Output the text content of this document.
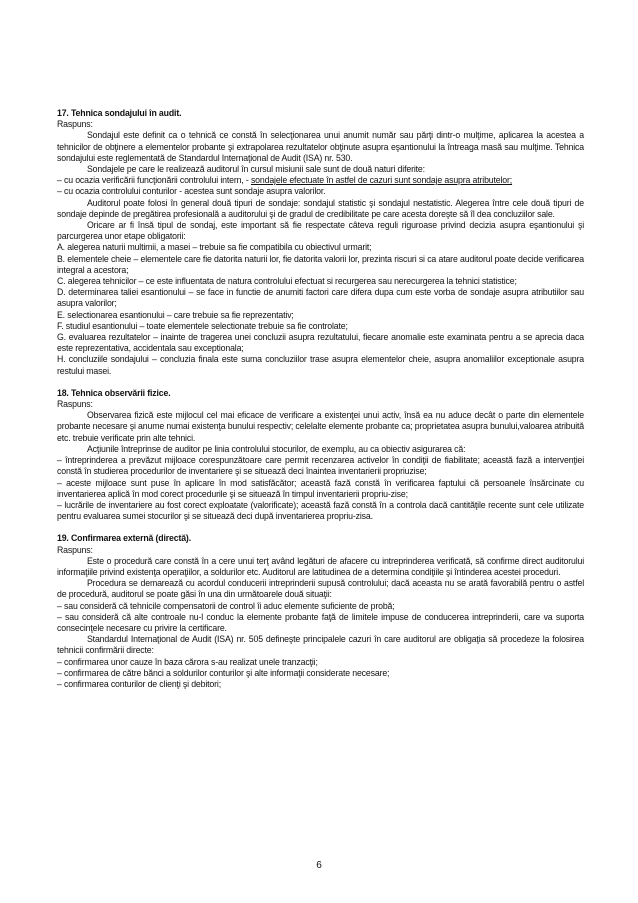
17. Tehnica sondajului în audit.
Raspuns:
Sondajul este definit ca o tehnică ce constă în selecţionarea unui anumit număr sau părţi dintr-o mulţime, aplicarea la acestea a tehnicilor de obţinere a elementelor probante şi extrapolarea rezultatelor obţinute asupra eşantionului la întreaga masă sau mulţime. Tehnica sondajului este reglementată de Standardul Internaţional de Audit (ISA) nr. 530.
Sondajele pe care le realizează auditorul în cursul misiunii sale sunt de două naturi diferite:
– cu ocazia verificării funcţionării controlului intern, - sondajele efectuate în astfel de cazuri sunt sondaje asupra atributelor;
– cu ocazia controlului conturilor - acestea sunt sondaje asupra valorilor.
Auditorul poate folosi în general două tipuri de sondaje: sondajul statistic şi sondajul nestatistic. Alegerea între cele două tipuri de sondaje depinde de pregătirea profesională a auditorului şi de gradul de credibilitate pe care acesta doreşte să îl dea concluziilor sale.
Oricare ar fi însă tipul de sondaj, este important să fie respectate câteva reguli riguroase privind decizia asupra eşantionului şi parcurgerea unor etape obligatorii:
A. alegerea naturii multimii, a masei – trebuie sa fie compatibila cu obiectivul urmarit;
B. elementele cheie – elementele care fie datorita naturii lor, fie datorita valorii lor, prezinta riscuri si ca atare auditorul poate decide verificarea integral a acestora;
C. alegerea tehnicilor – ce este influentata de natura controlului efectuat si recurgerea sau nerecurgerea la tehnici statistice;
D. determinarea taliei esantionului – se face in functie de anumiti factori care difera dupa cum este vorba de sondaje asupra atributiilor sau asupra valorilor;
E. selectionarea esantionului – care trebuie sa fie reprezentativ;
F. studiul esantionului – toate elementele selectionate trebuie sa fie controlate;
G. evaluarea rezultatelor – inainte de tragerea unei concluzii asupra rezultatului, fiecare anomalie este examinata pentru a se aprecia daca este reprezentativa, accidentala sau exceptionala;
H. concluziile sondajului – concluzia finala este suma concluziilor trase asupra elementelor cheie, asupra anomaliilor exceptionale asupra restului masei.
18. Tehnica observării fizice.
Raspuns:
Observarea fizică este mijlocul cel mai eficace de verificare a existenţei unui activ, însă ea nu aduce decât o parte din elementele probante necesare şi anume numai existenţa bunului respectiv; celelalte elemente probante ca; proprietatea asupra bunului,valoarea atribuită etc. trebuie verificate prin alte tehnici.
Acţiunile întreprinse de auditor pe linia controlului stocurilor, de exemplu, au ca obiectiv asigurarea că:
– întreprinderea a prevăzut mijloace corespunzătoare care permit recenzarea activelor în condiţii de fiabilitate; această fază a intervenţiei constă în studierea procedurilor de inventariere şi se situează deci înaintea inventarierii propriuzise;
– aceste mijloace sunt puse în aplicare în mod satisfăcător; această fază constă în verificarea faptului că persoanele însărcinate cu inventarierea aplică în mod corect procedurile şi se situează în timpul inventarierii propriu-zise;
– lucrările de inventariere au fost corect exploatate (valorificate); această fază constă în a controla dacă cantităţile recente sunt cele utilizate pentru evaluarea sumei stocurilor şi se situează deci după inventarierea propriu-zisa.
19. Confirmarea externă (directă).
Raspuns:
Este o procedură care constă în a cere unui terţ având legături de afacere cu intreprinderea verificată, să confirme direct auditorului informaţiile privind existenţa operaţiilor, a soldurilor etc. Auditorul are latitudinea de a determina condiţiile şi întinderea acestei proceduri.
Procedura se demarează cu acordul conducerii intreprinderii supusă controlului; dacă aceasta nu se arată favorabilă pentru o astfel de procedură, auditorul se poate găsi în una din următoarele două situaţii:
– sau consideră că tehnicile compensatorii de control îi aduc elemente suficiente de probă;
– sau consideră că alte controale nu-l conduc la elemente probante faţă de limitele impuse de conducerea intreprinderii, care va suporta consecinţele necesare cu privire la certificare.
Standardul Internaţional de Audit (ISA) nr. 505 defineşte principalele cazuri în care auditorul are obligaţia să procedeze la folosirea tehnicii confirmării directe:
– confirmarea unor cauze în baza cărora s-au realizat unele tranzacţii;
– confirmarea de către bănci a soldurilor conturilor şi alte informaţii considerate necesare;
– confirmarea conturilor de clienţi şi debitori;
6
